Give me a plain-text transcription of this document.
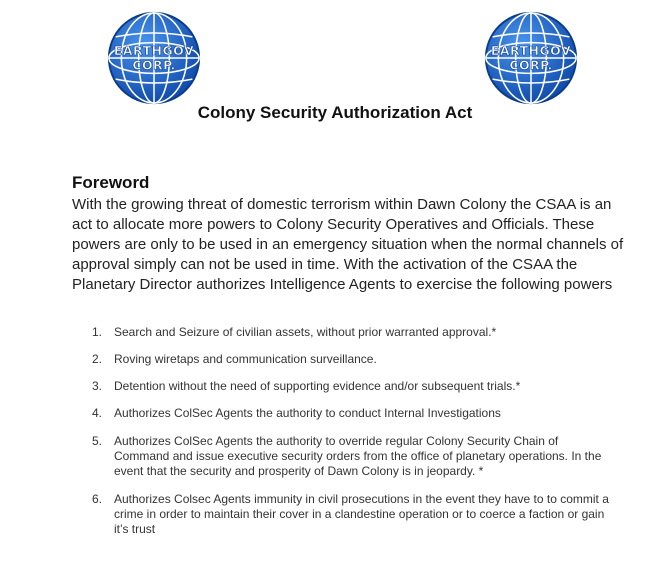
EARTHGOV
CORP.
EARTHGOV
CORP.
Colony Security Authorization Act
Foreword

With the growing threat of domestic terrorism within Dawn Colony the CSAA is an act to allocate more powers to Colony Security Operatives and Officials. These powers are only to be used in an emergency situation when the normal channels of approval simply can not be used in time. With the activation of the CSAA the Planetary Director authorizes Intelligence Agents to exercise the following powers

1. Search and Seizure of civilian assets, without prior warranted approval.*
2. Roving wiretaps and communication surveillance.
3. Detention without the need of supporting evidence and/or subsequent trials.*
4. Authorizes ColSec Agents the authority to conduct Internal Investigations
5. Authorizes ColSec Agents the authority to override regular Colony Security Chain of Command and issue executive security orders from the office of planetary operations. In the event that the security and prosperity of Dawn Colony is in jeopardy. *
6. Authorizes Colsec Agents immunity in civil prosecutions in the event they have to to commit a crime in order to maintain their cover in a clandestine operation or to coerce a faction or gain it’s trust
